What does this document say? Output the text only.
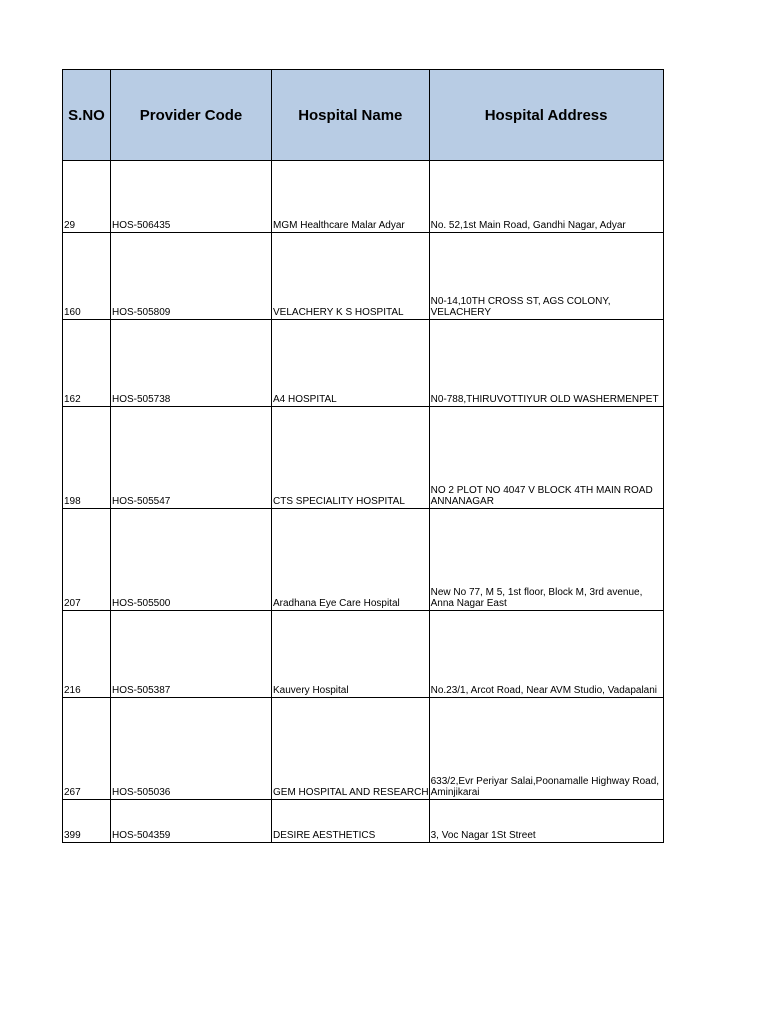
S.NO	Provider Code	Hospital Name	Hospital Address
29	HOS-506435	MGM Healthcare Malar Adyar	No. 52,1st Main Road, Gandhi Nagar, Adyar
160	HOS-505809	VELACHERY K S HOSPITAL	N0-14,10TH CROSS ST, AGS COLONY, VELACHERY
162	HOS-505738	A4 HOSPITAL	N0-788,THIRUVOTTIYUR OLD WASHERMENPET
198	HOS-505547	CTS SPECIALITY HOSPITAL	NO 2 PLOT NO 4047 V BLOCK 4TH MAIN ROAD ANNANAGAR
207	HOS-505500	Aradhana Eye Care Hospital	New No 77, M 5, 1st floor, Block M, 3rd avenue, Anna Nagar East
216	HOS-505387	Kauvery Hospital	No.23/1, Arcot Road, Near AVM Studio, Vadapalani
267	HOS-505036	GEM HOSPITAL AND RESEARCH	633/2,Evr Periyar Salai,Poonamalle Highway Road, Aminjikarai
399	HOS-504359	DESIRE AESTHETICS	3, Voc Nagar 1St Street
